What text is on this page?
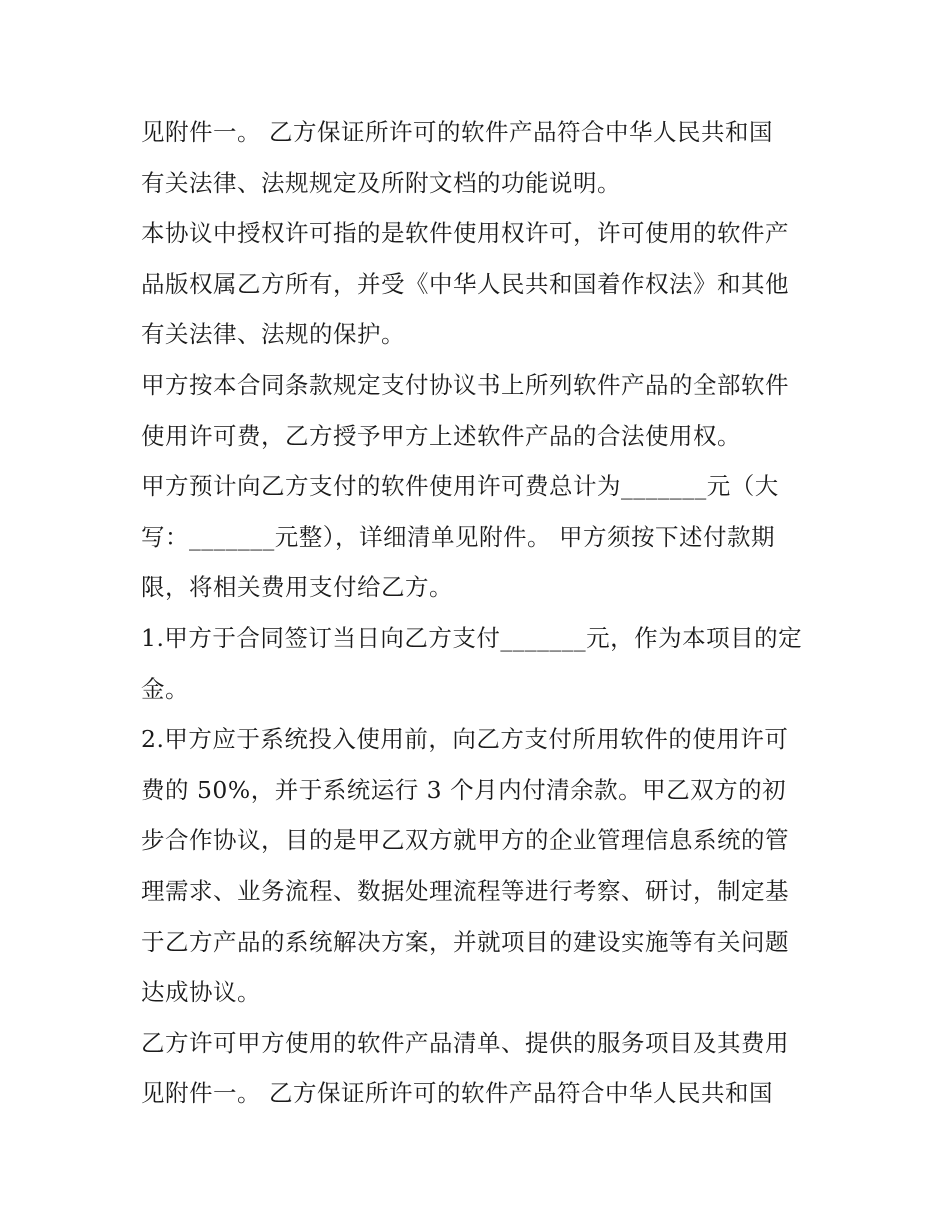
见附件一。 乙方保证所许可的软件产品符合中华人民共和国
有关法律、法规规定及所附文档的功能说明。
本协议中授权许可指的是软件使用权许可，许可使用的软件产
品版权属乙方所有，并受《中华人民共和国着作权法》和其他
有关法律、法规的保护。
甲方按本合同条款规定支付协议书上所列软件产品的全部软件
使用许可费，乙方授予甲方上述软件产品的合法使用权。
甲方预计向乙方支付的软件使用许可费总计为_______元（大
写：_______元整），详细清单见附件。 甲方须按下述付款期
限，将相关费用支付给乙方。
1.甲方于合同签订当日向乙方支付_______元，作为本项目的定
金。
2.甲方应于系统投入使用前，向乙方支付所用软件的使用许可
费的 50%，并于系统运行 3 个月内付清余款。甲乙双方的初
步合作协议，目的是甲乙双方就甲方的企业管理信息系统的管
理需求、业务流程、数据处理流程等进行考察、研讨，制定基
于乙方产品的系统解决方案，并就项目的建设实施等有关问题
达成协议。
乙方许可甲方使用的软件产品清单、提供的服务项目及其费用
见附件一。 乙方保证所许可的软件产品符合中华人民共和国
